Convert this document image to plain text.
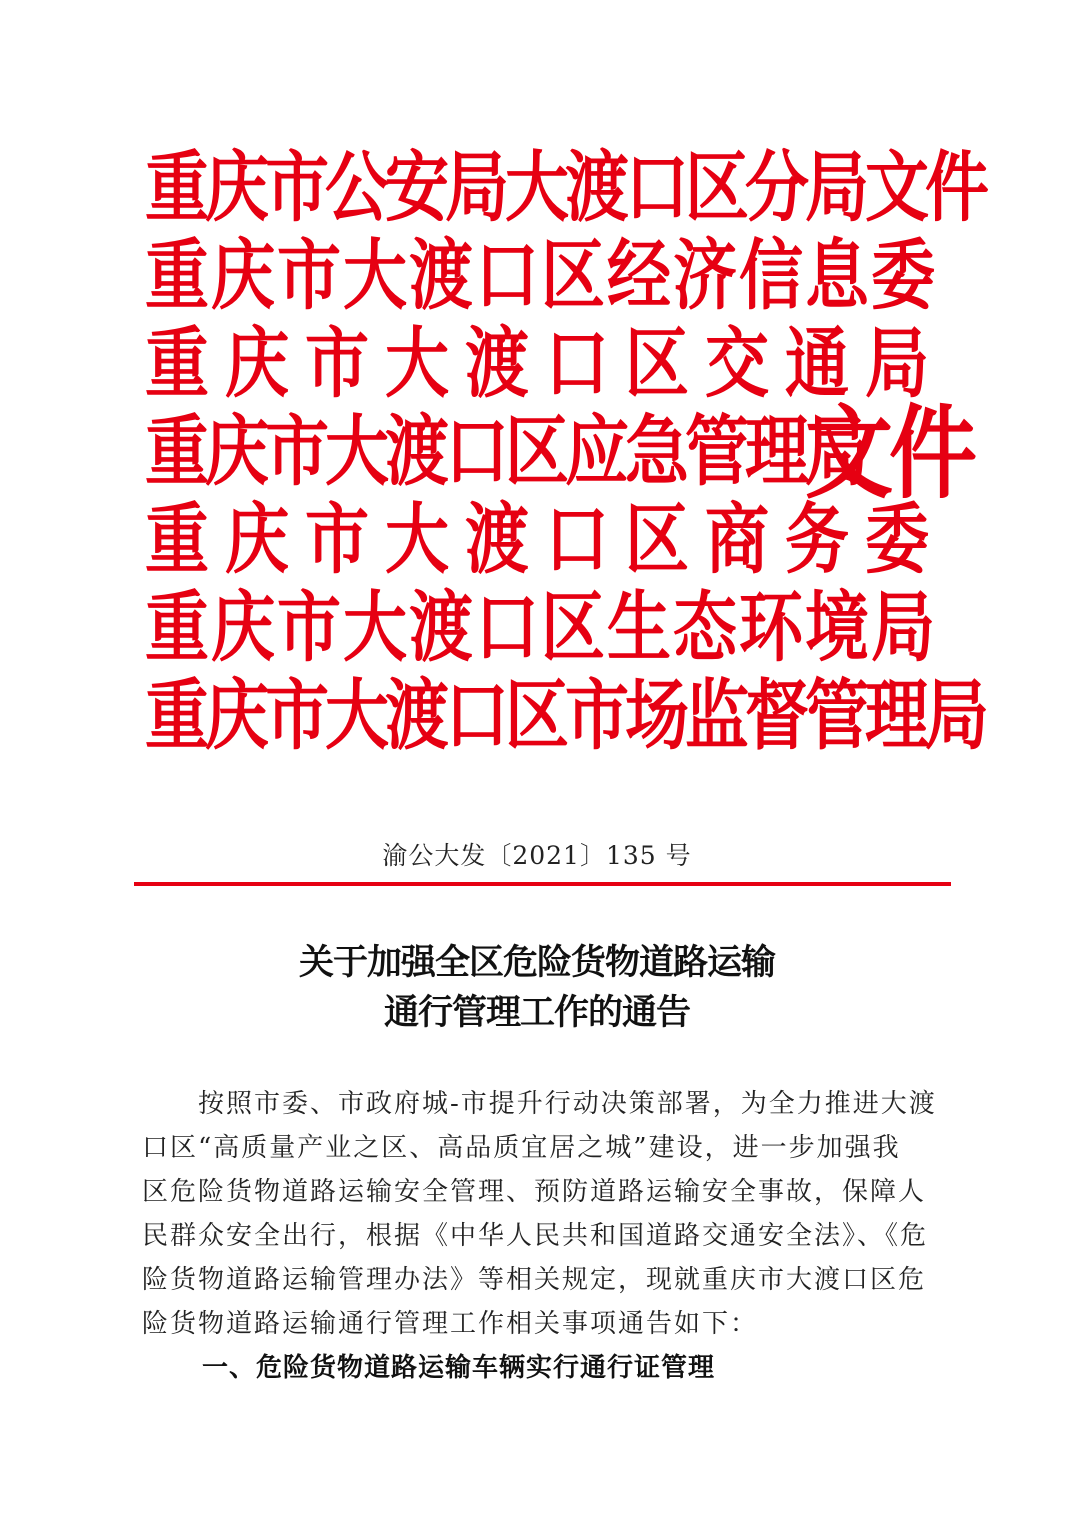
重庆市公安局大渡口区分局文件
重庆市大渡口区经济信息委
重庆市大渡口区交通局
重庆市大渡口区应急管理局
重庆市大渡口区商务委
重庆市大渡口区生态环境局
重庆市大渡口区市场监督管理局
文件
渝公大发〔2021〕135 号
关于加强全区危险货物道路运输
通行管理工作的通告
按照市委、市政府城-市提升行动决策部署，为全力推进大渡
口区“高质量产业之区、高品质宜居之城”建设，进一步加强我
区危险货物道路运输安全管理、预防道路运输安全事故，保障人
民群众安全出行，根据《中华人民共和国道路交通安全法》、《危
险货物道路运输管理办法》等相关规定，现就重庆市大渡口区危
险货物道路运输通行管理工作相关事项通告如下：
一、危险货物道路运输车辆实行通行证管理
